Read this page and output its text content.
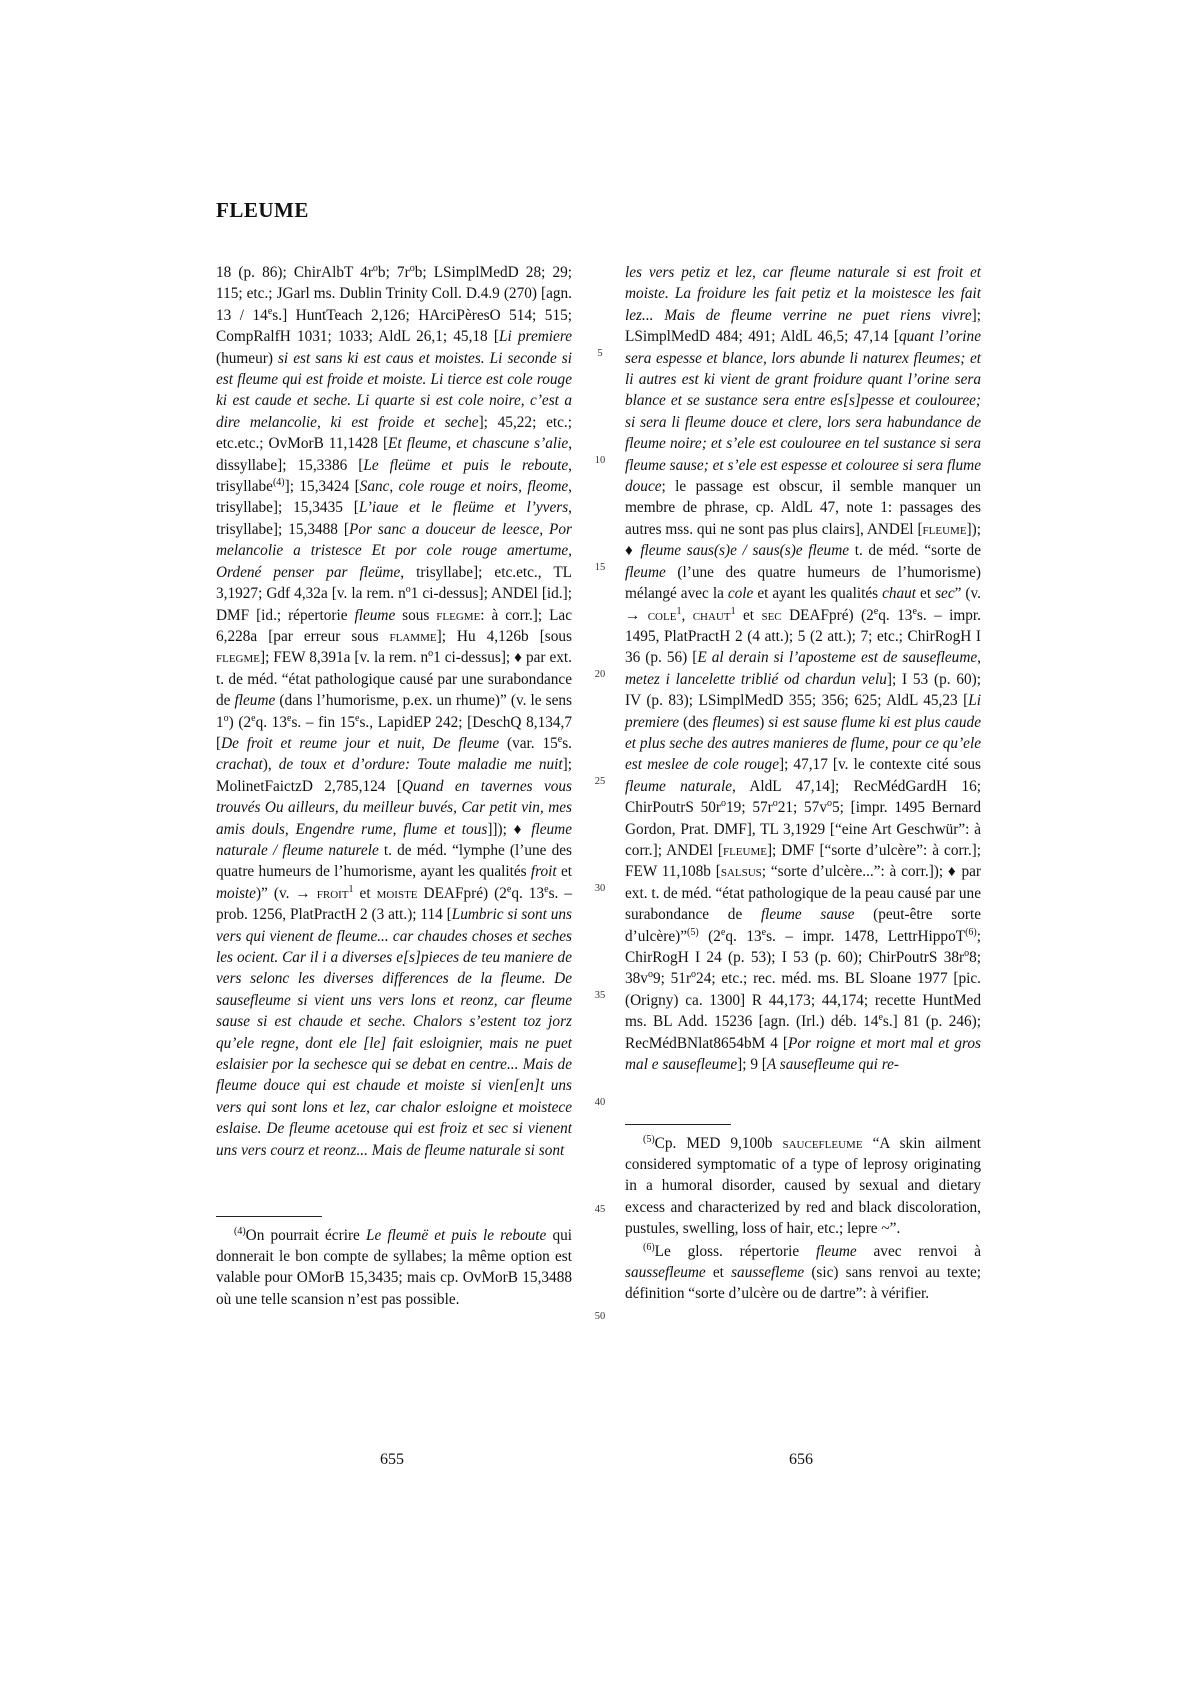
FLEUME

18 (p. 86); ChirAlbT $4r^ob$; $7r^ob$; LSimplMedD 28; 29; 115; etc.; JGarl ms. Dublin Trinity Coll. D.4.9 (270) [agn. 13 / 14es.] HuntTeach 2,126; HArciPèresO 514; 515; CompRalfH 1031; 1033; AldL 26,1; 45,18 [Li premiere (humeur) si est sans ki est caus et moistes. Li seconde si est fleume qui est froide et moiste. Li tierce est cole rouge ki est caude et seche. Li quarte si est cole noire, c’est a dire melancolie, ki est froide et seche]; 45,22; etc.; etc.etc.; OvMorB 11,1428 [Et fleume, et chascune s’alie, dissyllabe]; 15,3386 [Le fleüme et puis le reboute, trisyllabe$^{(4)}$]; 15,3424 [Sanc, cole rouge et noirs, fleome, trisyllabe]; 15,3435 [L’iaue et le fleüme et l’yvers, trisyllabe]; 15,3488 [Por sanc a douceur de leesce, Por melancolie a tristesce Et por cole rouge amertume, Ordené penser par fleüme, trisyllabe]; etc.etc., TL 3,1927; Gdf 4,32a [v. la rem. $n^o1$ ci-dessus]; ANDEl [id.]; DMF [id.; répertorie fleume sous flegme: à corr.]; Lac 6,228a [par erreur sous flamme]; Hu 4,126b [sous flegme]; FEW 8,391a [v. la rem. $n^o1$ ci-dessus]; ♦ par ext. t. de méd. “état pathologique causé par une surabondance de fleume (dans l’humorisme, p.ex. un rhume)” (v. le sens 1$^o$) (2eq. 13es. – fin 15es., LapidEP 242; [DeschQ 8,134,7 [De froit et reume jour et nuit, De fleume (var. 15es. crachat), de toux et d’ordure: Toute maladie me nuit]; MolinetFaictzD 2,785,124 [Quand en tavernes vous trouvés Ou ailleurs, du meilleur buvés, Car petit vin, mes amis douls, Engendre rume, flume et tous]]); ♦ fleume naturale / fleume naturele t. de méd. “lymphe (l’une des quatre humeurs de l’humorisme, ayant les qualités froit et moiste)” (v. → froit$^1$ et moiste DEAFpré) (2eq. 13es. – prob. 1256, PlatPractH 2 (3 att.); 114 [Lumbric si sont uns vers qui vienent de fleume... car chaudes choses et seches les ocient. Car il i a diverses e[s]pieces de teu maniere de vers selonc les diverses differences de la fleume. De sausefleume si vient uns vers lons et reonz, car fleume sause si est chaude et seche. Chalors s’estent toz jorz qu’ele regne, dont ele [le] fait esloignier, mais ne puet eslaisier por la sechesce qui se debat en centre... Mais de fleume douce qui est chaude et moiste si vien[en]t uns vers qui sont lons et lez, car chalor esloigne et moistece eslaise. De fleume acetouse qui est froiz et sec si vienent uns vers courz et reonz... Mais de fleume naturale si sont

les vers petiz et lez, car fleume naturale si est froit et moiste. La froidure les fait petiz et la moistesce les fait lez... Mais de fleume verrine ne puet riens vivre]; LSimplMedD 484; 491; AldL 46,5; 47,14 [quant l’orine sera espesse et blance, lors abunde li naturex fleumes; et li autres est ki vient de grant froidure quant l’orine sera blance et se sustance sera entre es[s]pesse et coulouree; si sera li fleume douce et clere, lors sera habundance de fleume noire; et s’ele est coulouree en tel sustance si sera fleume sause; et s’ele est espesse et colouree si sera flume douce; le passage est obscur, il semble manquer un membre de phrase, cp. AldL 47, note 1: passages des autres mss. qui ne sont pas plus clairs], ANDEl [fleume]); ♦ fleume saus(s)e / saus(s)e fleume t. de méd. “sorte de fleume (l’une des quatre humeurs de l’humorisme) mélangé avec la cole et ayant les qualités chaut et sec” (v. → cole$^1$, chaut$^1$ et sec DEAFpré) (2eq. 13es. – impr. 1495, PlatPractH 2 (4 att.); 5 (2 att.); 7; etc.; ChirRogH I 36 (p. 56) [E al derain si l’aposteme est de sausefleume, metez i lancelette triblié od chardun velu]; I 53 (p. 60); IV (p. 83); LSimplMedD 355; 356; 625; AldL 45,23 [Li premiere (des fleumes) si est sause flume ki est plus caude et plus seche des autres manieres de flume, pour ce qu’ele est meslee de cole rouge]; 47,17 [v. le contexte cité sous fleume naturale, AldL 47,14]; RecMédGardH 16; ChirPoutrS $50r^o19$; $57r^o21$; $57v^o5$; [impr. 1495 Bernard Gordon, Prat. DMF], TL 3,1929 [“eine Art Geschwür”: à corr.]; ANDEl [fleume]; DMF [“sorte d’ulcère”: à corr.]; FEW 11,108b [salsus; “sorte d’ulcère...”: à corr.]); ♦ par ext. t. de méd. “état pathologique de la peau causé par une surabondance de fleume sause (peut-être sorte d’ulcère)”$^{(5)}$ (2eq. 13es. – impr. 1478, LettrHippoT$^{(6)}$; ChirRogH I 24 (p. 53); I 53 (p. 60); ChirPoutrS $38r^o8$; $38v^o9$; $51r^o24$; etc.; rec. méd. ms. BL Sloane 1977 [pic. (Origny) ca. 1300] R 44,173; 44,174; recette HuntMed ms. BL Add. 15236 [agn. (Irl.) déb. 14es.] 81 (p. 246); RecMédBNlat8654bM 4 [Por roigne et mort mal et gros mal e sausefleume]; 9 [A sausefleume qui re-

$^{(4)}$On pourrait écrire Le fleumë et puis le reboute qui donnerait le bon compte de syllabes; la même option est valable pour OMorB 15,3435; mais cp. OvMorB 15,3488 où une telle scansion n’est pas possible.

$^{(5)}$Cp. MED 9,100b saucefleume “A skin ailment considered symptomatic of a type of leprosy originating in a humoral disorder, caused by sexual and dietary excess and characterized by red and black discoloration, pustules, swelling, loss of hair, etc.; lepre ~”.

$^{(6)}$Le gloss. répertorie fleume avec renvoi à saussefleume et saussefleme (sic) sans renvoi au texte; définition “sorte d’ulcère ou de dartre”: à vérifier.

5
10
15
20
25
30
35
40
45
50
655	656
